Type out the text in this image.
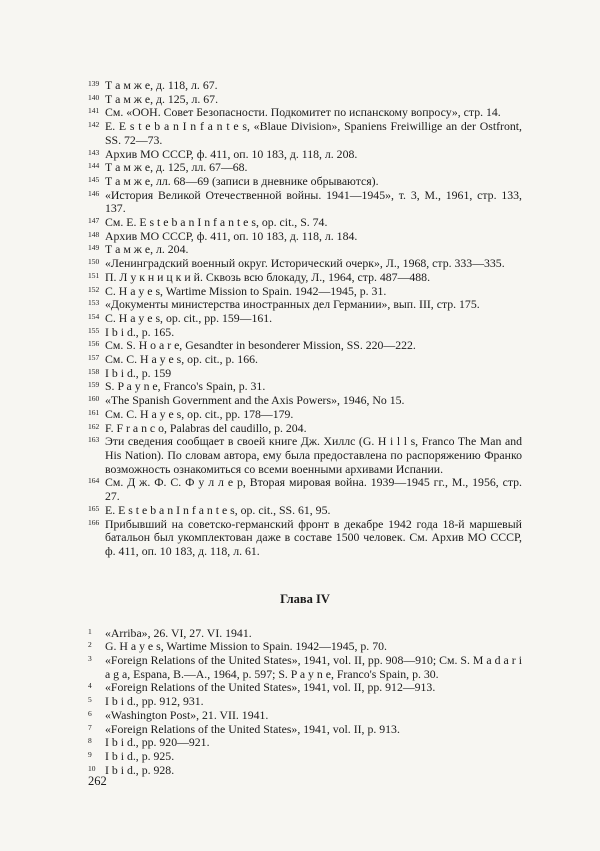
139 Т а м ж е, д. 118, л. 67.
140 Т а м ж е, д. 125, л. 67.
141 См. «ООН. Совет Безопасности. Подкомитет по испанскому вопросу», стр. 14.
142 E. E s t e b a n I n f a n t e s, «Blaue Division», Spaniens Freiwillige an der Ostfront, SS. 72—73.
143 Архив МО СССР, ф. 411, оп. 10 183, д. 118, л. 208.
144 Т а м ж е, д. 125, лл. 67—68.
145 Т а м ж е, лл. 68—69 (записи в дневнике обрываются).
146 «История Великой Отечественной войны. 1941—1945», т. 3, М., 1961, стр. 133, 137.
147 См. E. E s t e b a n I n f a n t e s, op. cit., S. 74.
148 Архив МО СССР, ф. 411, оп. 10 183, д. 118, л. 184.
149 Т а м ж е, л. 204.
150 «Ленинградский военный округ. Исторический очерк», Л., 1968, стр. 333—335.
151 П. Л у к н и ц к и й. Сквозь всю блокаду, Л., 1964, стр. 487—488.
152 C. H a y e s, Wartime Mission to Spain. 1942—1945, p. 31.
153 «Документы министерства иностранных дел Германии», вып. III, стр. 175.
154 С. H a y e s, op. cit., pp. 159—161.
155 I b i d., p. 165.
156 См. S. H o a r e, Gesandter in besonderer Mission, SS. 220—222.
157 См. С. H a y e s, op. cit., p. 166.
158 I b i d., p. 159
159 S. P a y n e, Franco's Spain, p. 31.
160 «The Spanish Government and the Axis Powers», 1946, No 15.
161 См. С. H a y e s, op. cit., pp. 178—179.
162 F. F r a n c o, Palabras del caudillo, p. 204.
163 Эти сведения сообщает в своей книге Дж. Хиллс (G. H i l l s, Franco The Man and His Nation). По словам автора, ему была предоставлена по распоряжению Франко возможность ознакомиться со всеми военными архивами Испании.
164 См. Д ж. Ф. С. Ф у л л е р, Вторая мировая война. 1939—1945 гг., М., 1956, стр. 27.
165 E. E s t e b a n I n f a n t e s, op. cit., SS. 61, 95.
166 Прибывший на советско-германский фронт в декабре 1942 года 18-й маршевый батальон был укомплектован даже в составе 1500 человек. См. Архив МО СССР, ф. 411, оп. 10 183, д. 118, л. 61.
Глава IV
1 «Arriba», 26. VI, 27. VI. 1941.
2 G. H a y e s, Wartime Mission to Spain. 1942—1945, p. 70.
3 «Foreign Relations of the United States», 1941, vol. II, pp. 908—910; См. S. M a d a r i a g a, Espana, B.—A., 1964, p. 597; S. P a y n e, Franco's Spain, p. 30.
4 «Foreign Relations of the United States», 1941, vol. II, pp. 912—913.
5 I b i d., pp. 912, 931.
6 «Washington Post», 21. VII. 1941.
7 «Foreign Relations of the United States», 1941, vol. II, p. 913.
8 I b i d., pp. 920—921.
9 I b i d., p. 925.
10 I b i d., p. 928.
262
